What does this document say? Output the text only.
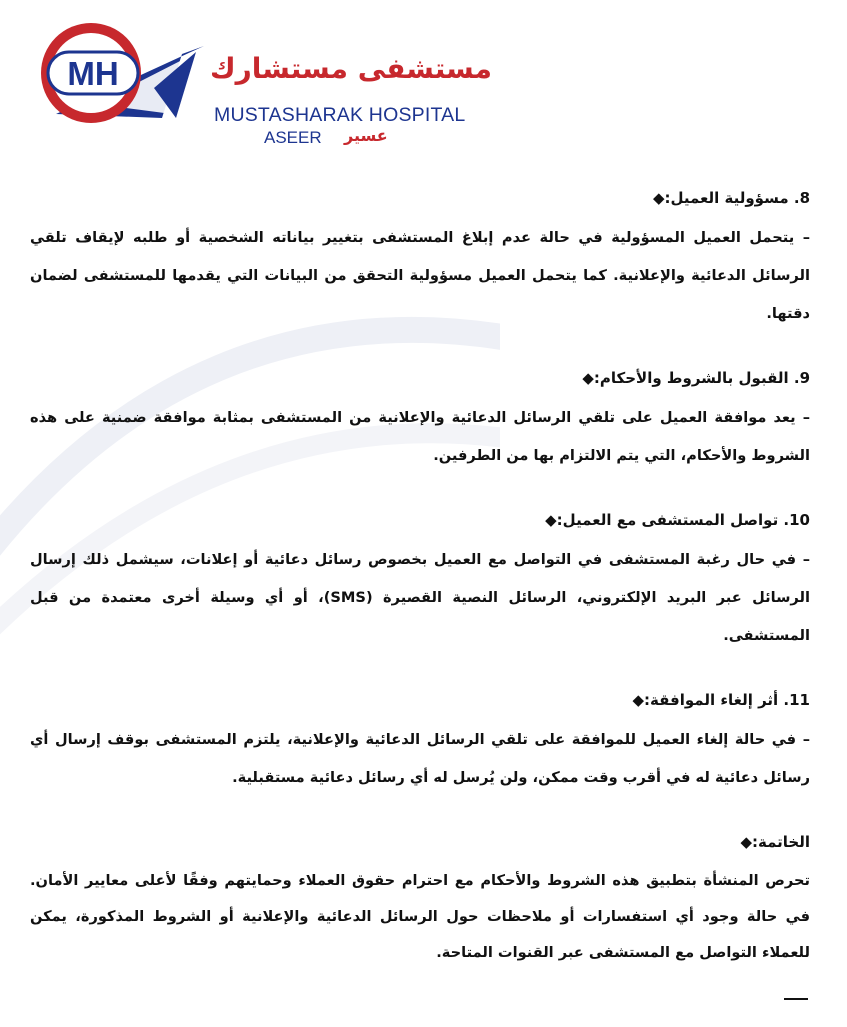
MH	مستشفى مستشارك
MUSTASHARAK HOSPITAL
ASEER عسير

8. مسؤولية العميل:◆

– يتحمل العميل المسؤولية في حالة عدم إبلاغ المستشفى بتغيير بياناته الشخصية أو طلبه لإيقاف تلقي الرسائل الدعائية والإعلانية. كما يتحمل العميل مسؤولية التحقق من البيانات التي يقدمها للمستشفى لضمان دقتها.

9. القبول بالشروط والأحكام:◆

– يعد موافقة العميل على تلقي الرسائل الدعائية والإعلانية من المستشفى بمثابة موافقة ضمنية على هذه الشروط والأحكام، التي يتم الالتزام بها من الطرفين.

10. تواصل المستشفى مع العميل:◆

– في حال رغبة المستشفى في التواصل مع العميل بخصوص رسائل دعائية أو إعلانات، سيشمل ذلك إرسال الرسائل عبر البريد الإلكتروني، الرسائل النصية القصيرة (SMS)، أو أي وسيلة أخرى معتمدة من قبل المستشفى.

11. أثر إلغاء الموافقة:◆

– في حالة إلغاء العميل للموافقة على تلقي الرسائل الدعائية والإعلانية، يلتزم المستشفى بوقف إرسال أي رسائل دعائية له في أقرب وقت ممكن، ولن يُرسل له أي رسائل دعائية مستقبلية.

الخاتمة:◆

تحرص المنشأة بتطبيق هذه الشروط والأحكام مع احترام حقوق العملاء وحمايتهم وفقًا لأعلى معايير الأمان. في حالة وجود أي استفسارات أو ملاحظات حول الرسائل الدعائية والإعلانية أو الشروط المذكورة، يمكن للعملاء التواصل مع المستشفى عبر القنوات المتاحة.
